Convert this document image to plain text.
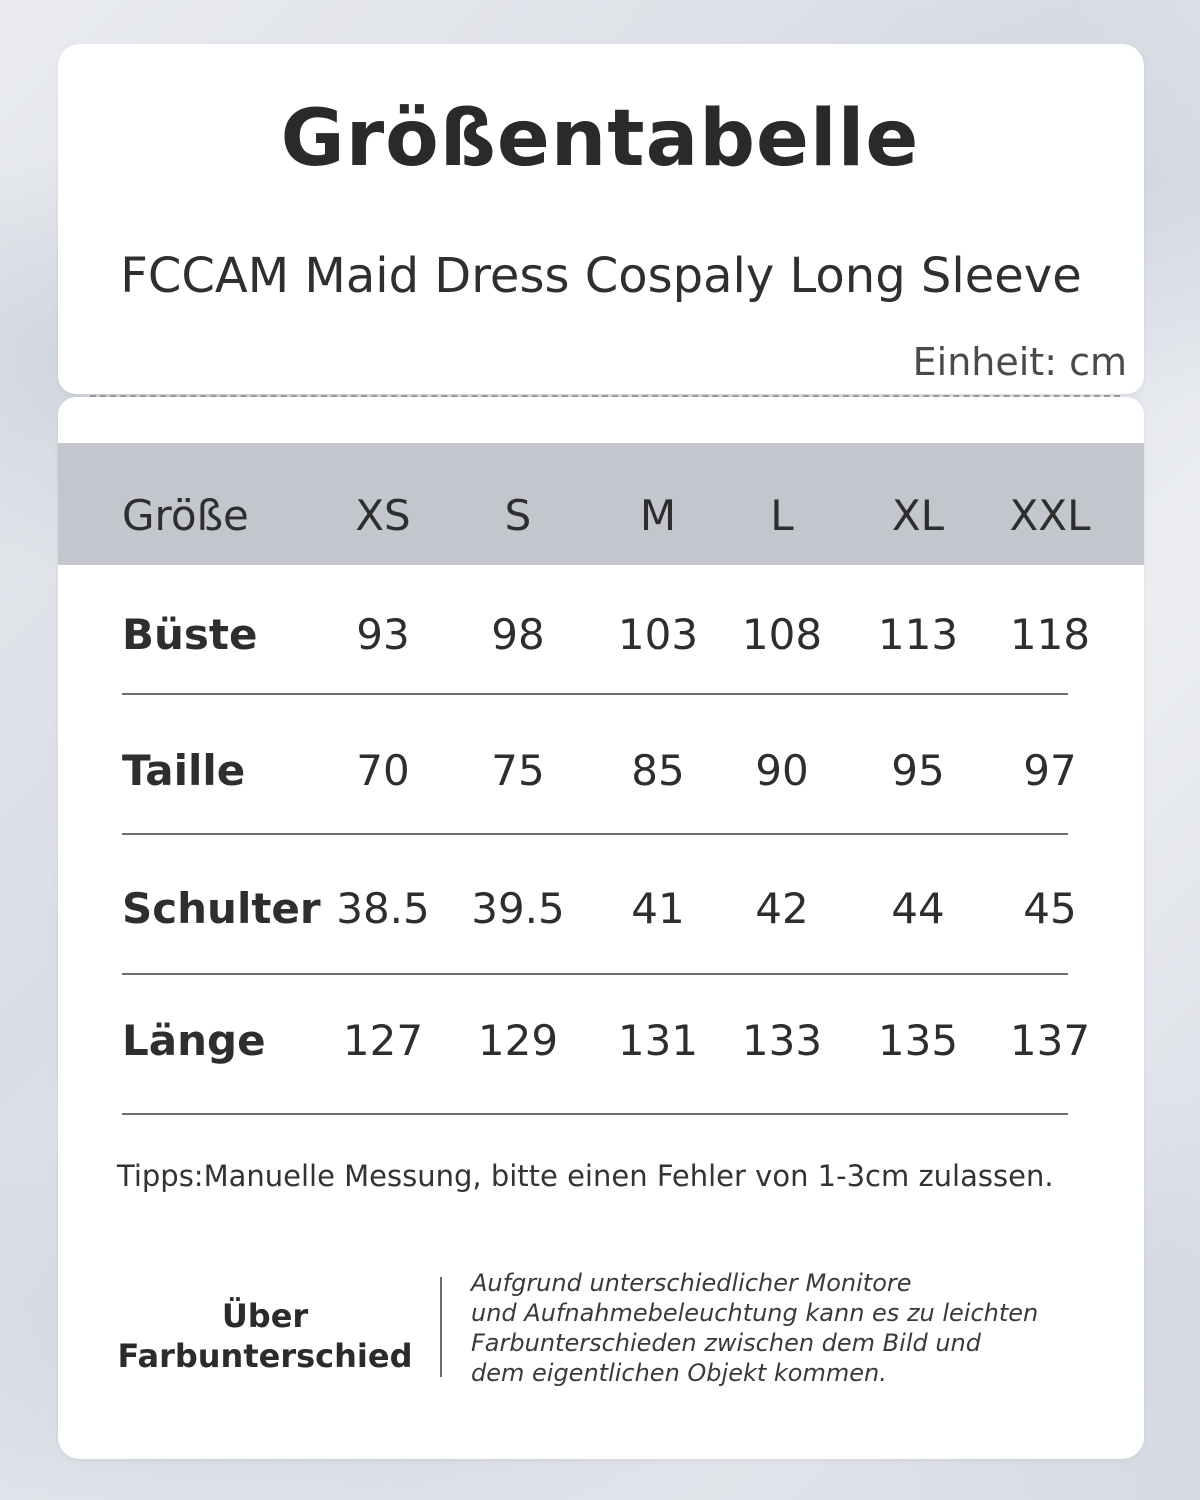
Größentabelle
FCCAM Maid Dress Cospaly Long Sleeve
Einheit: cm
Größe	XS S	M L XL XXL
Büste 93 98 103 108 113 118
Taille	70 75 85 90 95 97
Schulter 38.5 39.5 41 42 44 45
Länge 127 129 131 133 135 137
Tipps:Manuelle Messung, bitte einen Fehler von 1-3cm zulassen.
Über
Farbunterschied
Aufgrund unterschiedlicher Monitore
und Aufnahmebeleuchtung kann es zu leichten
Farbunterschieden zwischen dem Bild und
dem eigentlichen Objekt kommen.
